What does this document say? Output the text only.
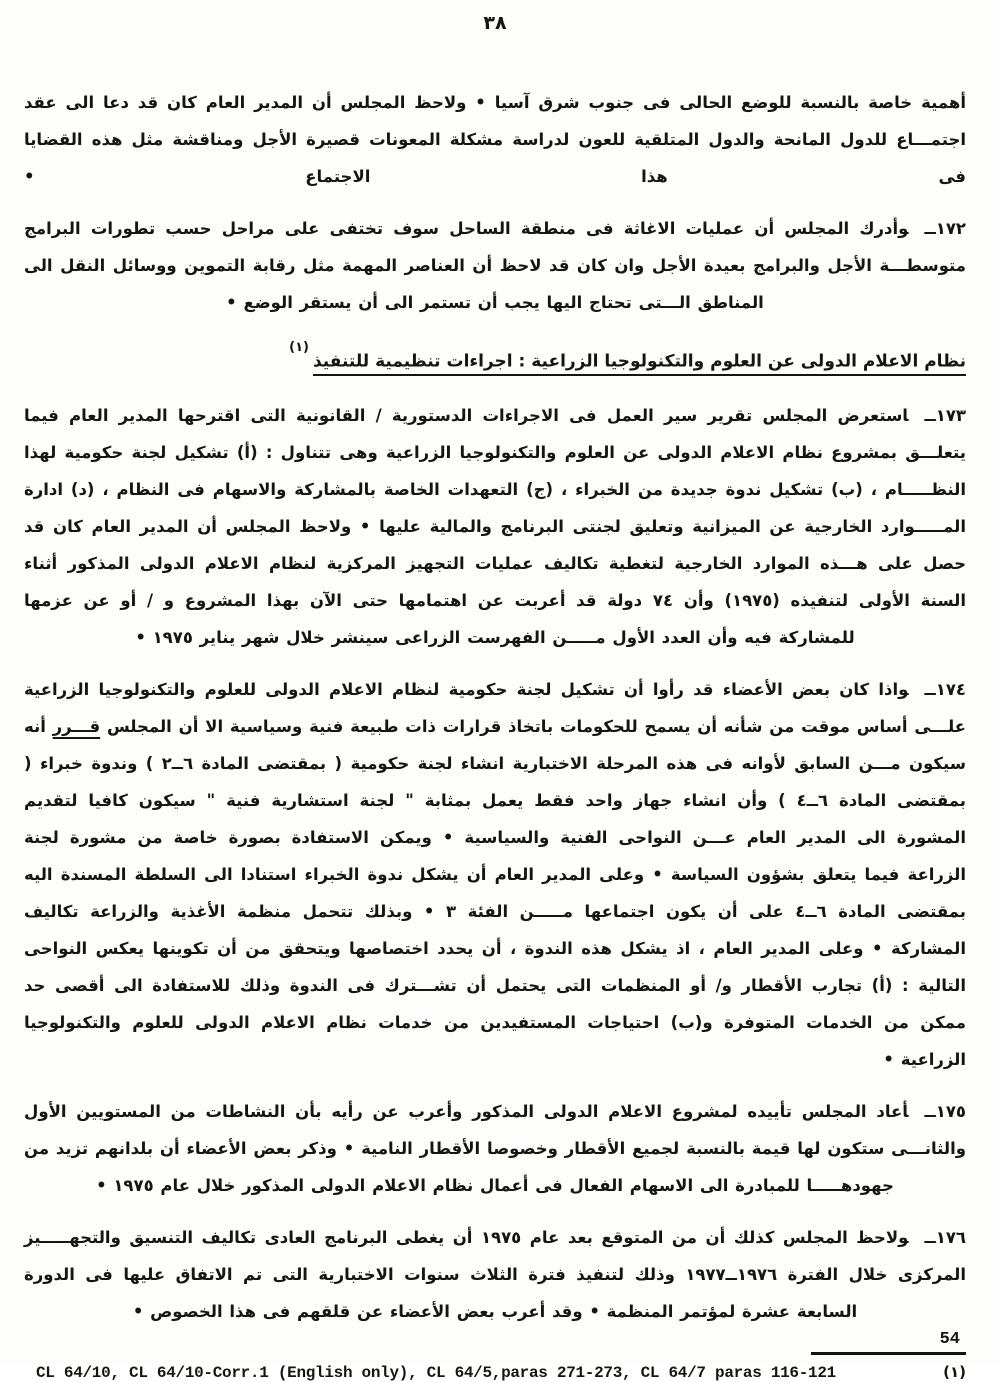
٣٨

أهمية خاصة بالنسبة للوضع الحالى فى جنوب شرق آسيا • ولاحظ المجلس أن المدير العام كان قد دعا الى عقد اجتمـــاع للدول المانحة والدول المتلقية للعون لدراسة مشكلة المعونات قصيرة الأجل ومناقشة مثل هذه القضايا فى هذا الاجتماع •

١٧٢ــوأدرك المجلس أن عمليات الاغاثة فى منطقة الساحل سوف تختفى على مراحل حسب تطورات البرامج متوسطـــة الأجل والبرامج بعيدة الأجل وان كان قد لاحظ أن العناصر المهمة مثل رقابة التموين ووسائل النقل الى المناطق الـــتى تحتاج اليها يجب أن تستمر الى أن يستقر الوضع •

نظام الاعلام الدولى عن العلوم والتكنولوجيا الزراعية : اجراءات تنظيمية للتنفيذ$^{(١)}$

١٧٣ــاستعرض المجلس تقرير سير العمل فى الاجراءات الدستورية / القانونية التى اقترحها المدير العام فيما يتعلـــق بمشروع نظام الاعلام الدولى عن العلوم والتكنولوجيا الزراعية وهى تتناول : (أ) تشكيل لجنة حكومية لهذا النظـــــام ، (ب) تشكيل ندوة جديدة من الخبراء ، (ج) التعهدات الخاصة بالمشاركة والاسهام فى النظام ، (د) ادارة المـــــوارد الخارجية عن الميزانية وتعليق لجنتى البرنامج والمالية عليها • ولاحظ المجلس أن المدير العام كان قد حصل على هـــذه الموارد الخارجية لتغطية تكاليف عمليات التجهيز المركزية لنظام الاعلام الدولى المذكور أثناء السنة الأولى لتنفيذه (١٩٧٥) وأن ٧٤ دولة قد أعربت عن اهتمامها حتى الآن بهذا المشروع و / أو عن عزمها للمشاركة فيه وأن العدد الأول مـــــن الفهرست الزراعى سينشر خلال شهر يناير ١٩٧٥ •

١٧٤ــواذا كان بعض الأعضاء قد رأوا أن تشكيل لجنة حكومية لنظام الاعلام الدولى للعلوم والتكنولوجيا الزراعية علـــى أساس موقت من شأنه أن يسمح للحكومات باتخاذ قرارات ذات طبيعة فنية وسياسية الا أن المجلس قـــرر أنه سيكون مـــن السابق لأوانه فى هذه المرحلة الاختبارية انشاء لجنة حكومية ( بمقتضى المادة ٦ــ٢ ) وندوة خبراء ( بمقتضى المادة ٦ــ٤ ) وأن انشاء جهاز واحد فقط يعمل بمثابة " لجنة استشارية فنية " سيكون كافيا لتقديم المشورة الى المدير العام عـــن النواحى الفنية والسياسية • ويمكن الاستفادة بصورة خاصة من مشورة لجنة الزراعة فيما يتعلق بشؤون السياسة • وعلى المدير العام أن يشكل ندوة الخبراء استنادا الى السلطة المسندة اليه بمقتضى المادة ٦ــ٤ على أن يكون اجتماعها مـــــن الفئة ٣ • وبذلك تتحمل منظمة الأغذية والزراعة تكاليف المشاركة • وعلى المدير العام ، اذ يشكل هذه الندوة ، أن يحدد اختصاصها ويتحقق من أن تكوينها يعكس النواحى التالية : (أ) تجارب الأقطار و/ أو المنظمات التى يحتمل أن تشـــترك فى الندوة وذلك للاستفادة الى أقصى حد ممكن من الخدمات المتوفرة و(ب) احتياجات المستفيدين من خدمات نظام الاعلام الدولى للعلوم والتكنولوجيا الزراعية •

١٧٥ــأعاد المجلس تأييده لمشروع الاعلام الدولى المذكور وأعرب عن رأيه بأن النشاطات من المستويين الأول والثانـــى ستكون لها قيمة بالنسبة لجميع الأقطار وخصوصا الأقطار النامية • وذكر بعض الأعضاء أن بلدانهم تزيد من جهودهـــــا للمبادرة الى الاسهام الفعال فى أعمال نظام الاعلام الدولى المذكور خلال عام ١٩٧٥ •

١٧٦ــولاحظ المجلس كذلك أن من المتوقع بعد عام ١٩٧٥ أن يغطى البرنامج العادى تكاليف التنسيق والتجهـــــيز المركزى خلال الفترة ١٩٧٦ــ١٩٧٧ وذلك لتنفيذ فترة الثلاث سنوات الاختبارية التى تم الاتفاق عليها فى الدورة السابعة عشرة لمؤتمر المنظمة • وقد أعرب بعض الأعضاء عن قلقهم فى هذا الخصوص •

CL 64/10, CL 64/10-Corr.1 (English only), CL 64/5,paras 271-273, CL 64/7 paras 116-121	(١)
54
